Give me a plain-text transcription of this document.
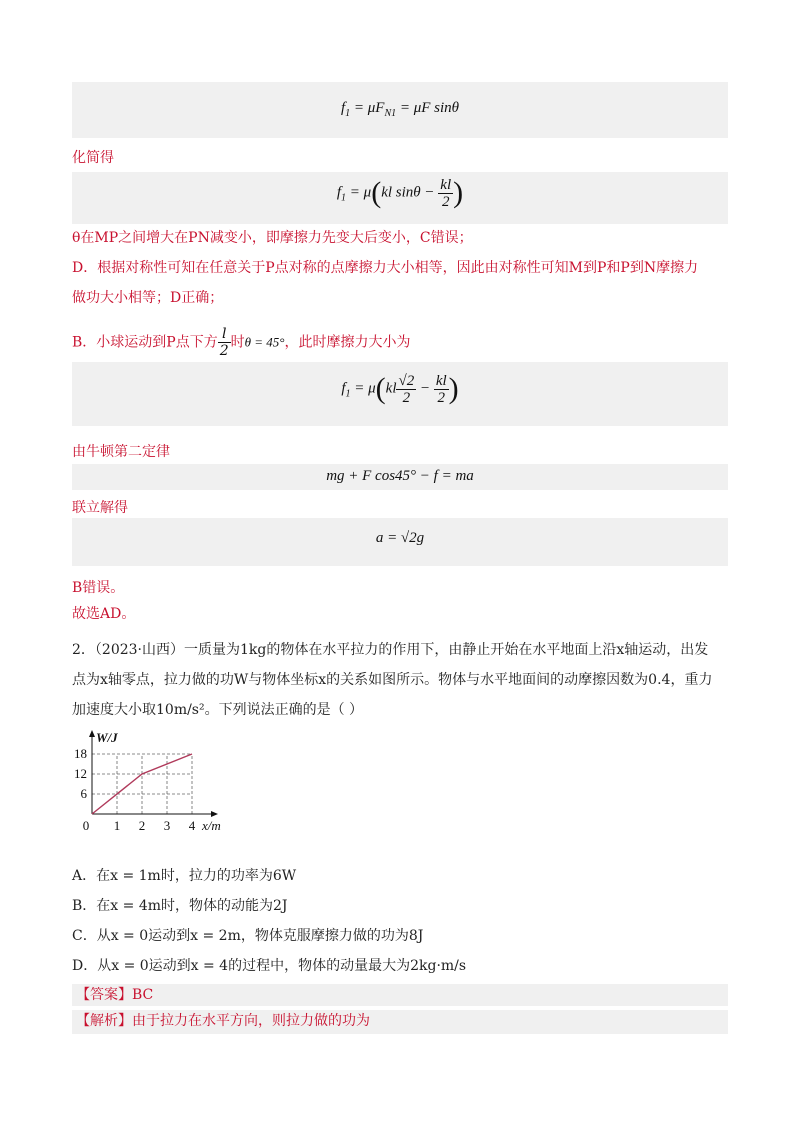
$f_1 = \mu F_{N1} = \mu F$ sinθ
化简得
$f_1 = \mu(kl$ $\sin\theta - \frac{kl}{2}$ )
θ在MP之间增大在PN减变小，即摩擦力先变大后变小，C错误；
D．根据对称性可知在任意关于P点对称的点摩擦力大小相等，因此由对称性可知M到P和P到N摩擦力
做功大小相等；D正确；
B．小球运动到P点下方 $\frac{l}{2}$ 时θ = 45°，此时摩擦力大小为
$f_1 = \mu(kl \frac{√2}{2} - \frac{kl}{2}$ )
由牛顿第二定律
mg + F cos45° − f = ma
联立解得
a = √2g
B错误。
故选AD。
2．（2023·山西）一质量为1kg的物体在水平拉力的作用下，由静止开始在水平地面上沿x轴运动，出发
点为x轴零点，拉力做的功W与物体坐标x的关系如图所示。物体与水平地面间的动摩擦因数为0.4，重力
加速度大小取10m/s²。下列说法正确的是（ ）
0 1 2 3 4
6
12
18
x/m
W/J
A．在x = 1m时，拉力的功率为6W
B．在x = 4m时，物体的动能为2J
C．从x = 0运动到x = 2m，物体克服摩擦力做的功为8J
D．从x = 0运动到x = 4的过程中，物体的动量最大为2kg·m/s
【答案】BC
【解析】由于拉力在水平方向，则拉力做的功为
